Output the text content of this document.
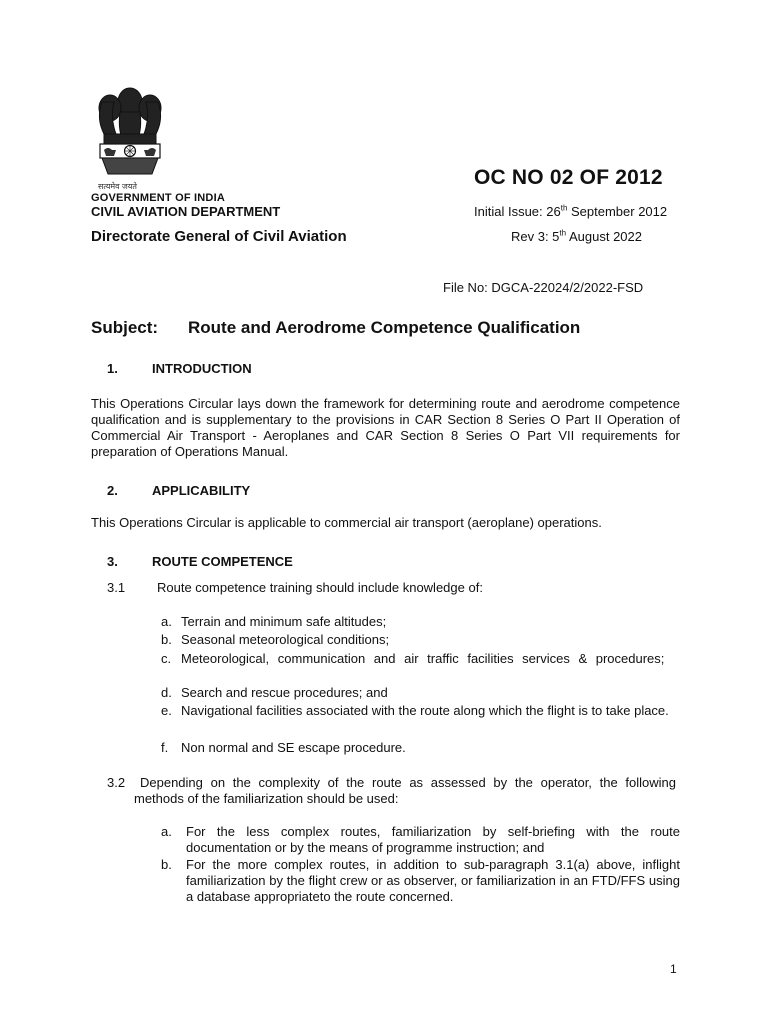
सत्यमेव जयते
GOVERNMENT OF INDIA
CIVIL AVIATION DEPARTMENT
Directorate General of Civil Aviation
OC NO 02 OF 2012
Initial Issue: 26th September 2012
Rev 3: 5th August 2022
File No: DGCA-22024/2/2022-FSD
Subject: Route and Aerodrome Competence Qualification
1.	INTRODUCTION
This Operations Circular lays down the framework for determining route and aerodrome competence qualification and is supplementary to the provisions in CAR Section 8 Series O Part II Operation of Commercial Air Transport - Aeroplanes and CAR Section 8 Series O Part VII requirements for preparation of Operations Manual.
2.	APPLICABILITY
This Operations Circular is applicable to commercial air transport (aeroplane) operations.
3.	ROUTE COMPETENCE
3.1 Route competence training should include knowledge of:
a. Terrain and minimum safe altitudes;
b. Seasonal meteorological conditions;
c. Meteorological, communication and air traffic facilities services & procedures;
d. Search and rescue procedures; and
e. Navigational facilities associated with the route along which the flight is to take place.
f. Non normal and SE escape procedure.
3.2	Depending on the complexity of the route as assessed by the operator, the following methods of the familiarization should be used:
a. For the less complex routes, familiarization by self-briefing with the route documentation or by the means of programme instruction; and
b. For the more complex routes, in addition to sub-paragraph 3.1(a) above, inflight familiarization by the flight crew or as observer, or familiarization in an FTD/FFS using a database appropriateto the route concerned.
1
